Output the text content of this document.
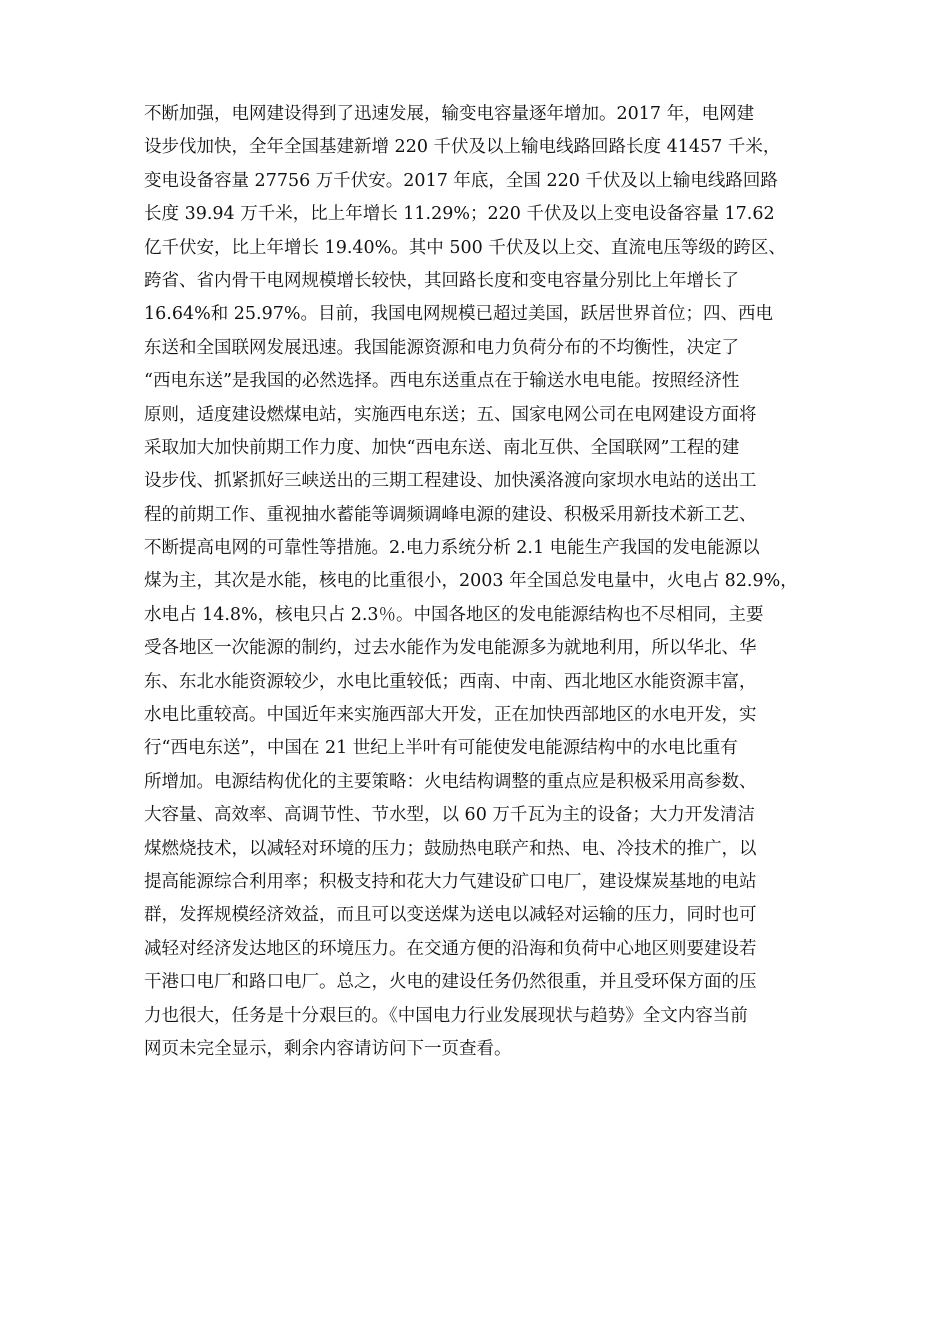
不断加强，电网建设得到了迅速发展，输变电容量逐年增加。2017 年，电网建
设步伐加快，全年全国基建新增 220 千伏及以上输电线路回路长度 41457 千米，
变电设备容量 27756 万千伏安。2017 年底，全国 220 千伏及以上输电线路回路
长度 39.94 万千米，比上年增长 11.29%；220 千伏及以上变电设备容量 17.62
亿千伏安，比上年增长 19.40%。其中 500 千伏及以上交、直流电压等级的跨区、
跨省、省内骨干电网规模增长较快，其回路长度和变电容量分别比上年增长了
16.64%和 25.97%。目前，我国电网规模已超过美国，跃居世界首位；四、西电
东送和全国联网发展迅速。我国能源资源和电力负荷分布的不均衡性，决定了
“西电东送”是我国的必然选择。西电东送重点在于输送水电电能。按照经济性
原则，适度建设燃煤电站，实施西电东送；五、国家电网公司在电网建设方面将
采取加大加快前期工作力度、加快“西电东送、南北互供、全国联网”工程的建
设步伐、抓紧抓好三峡送出的三期工程建设、加快溪洛渡向家坝水电站的送出工
程的前期工作、重视抽水蓄能等调频调峰电源的建设、积极采用新技术新工艺、
不断提高电网的可靠性等措施。2.电力系统分析 2.1 电能生产我国的发电能源以
煤为主，其次是水能，核电的比重很小，2003 年全国总发电量中，火电占 82.9%，
水电占 14.8%，核电只占 2.3％。中国各地区的发电能源结构也不尽相同，主要
受各地区一次能源的制约，过去水能作为发电能源多为就地利用，所以华北、华
东、东北水能资源较少，水电比重较低；西南、中南、西北地区水能资源丰富，
水电比重较高。中国近年来实施西部大开发，正在加快西部地区的水电开发，实
行“西电东送”，中国在 21 世纪上半叶有可能使发电能源结构中的水电比重有
所增加。电源结构优化的主要策略：火电结构调整的重点应是积极采用高参数、
大容量、高效率、高调节性、节水型，以 60 万千瓦为主的设备；大力开发清洁
煤燃烧技术，以减轻对环境的压力；鼓励热电联产和热、电、冷技术的推广，以
提高能源综合利用率；积极支持和花大力气建设矿口电厂，建设煤炭基地的电站
群，发挥规模经济效益，而且可以变送煤为送电以减轻对运输的压力，同时也可
减轻对经济发达地区的环境压力。在交通方便的沿海和负荷中心地区则要建设若
干港口电厂和路口电厂。总之，火电的建设任务仍然很重，并且受环保方面的压
力也很大，任务是十分艰巨的。《中国电力行业发展现状与趋势》全文内容当前
网页未完全显示，剩余内容请访问下一页查看。
